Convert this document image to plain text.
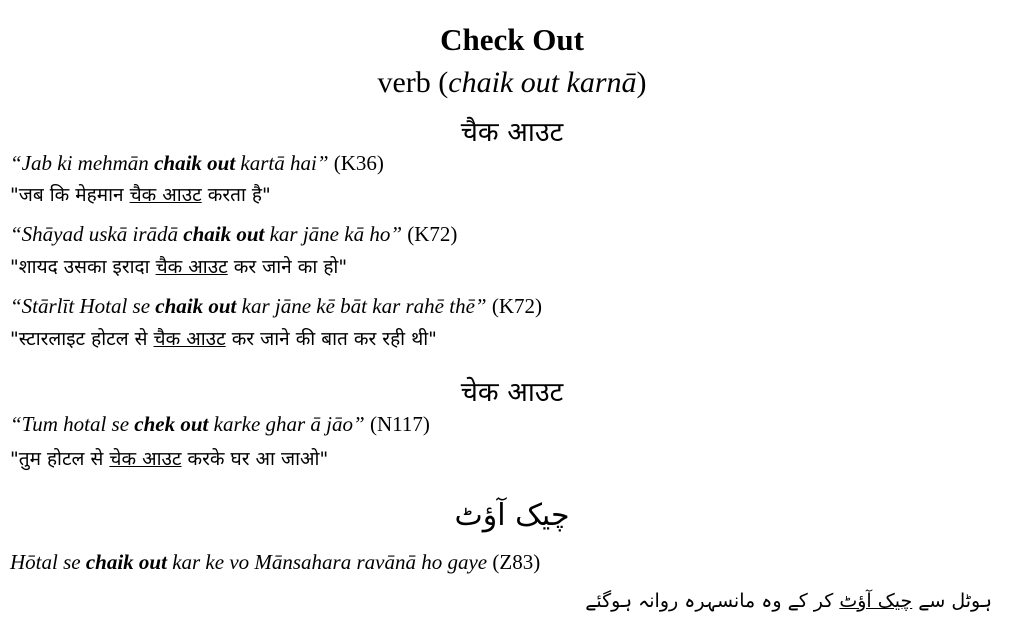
Check Out
verb (chaik out karnā)
चैक आउट
“Jab ki mehmān chaik out kartā hai” (K36)
"जब कि मेहमान चैक आउट करता है"
“Shāyad uskā irādā chaik out kar jāne kā ho” (K72)
"शायद उसका इरादा चैक आउट कर जाने का हो"
“Stārlīt Hotal se chaik out kar jāne kē bāt kar rahē thē” (K72)
"स्टारलाइट होटल से चैक आउट कर जाने की बात कर रही थी"
चेक आउट
“Tum hotal se chek out karke ghar ā jāo” (N117)
"तुम होटल से चेक आउट करके घर आ जाओ"
چیک آؤٹ
Hōtal se chaik out kar ke vo Mānsahara ravānā ho gaye (Z83)
ہوٹل سے چیک آؤٹ کر کے وہ مانسہرہ روانہ ہوگئے
